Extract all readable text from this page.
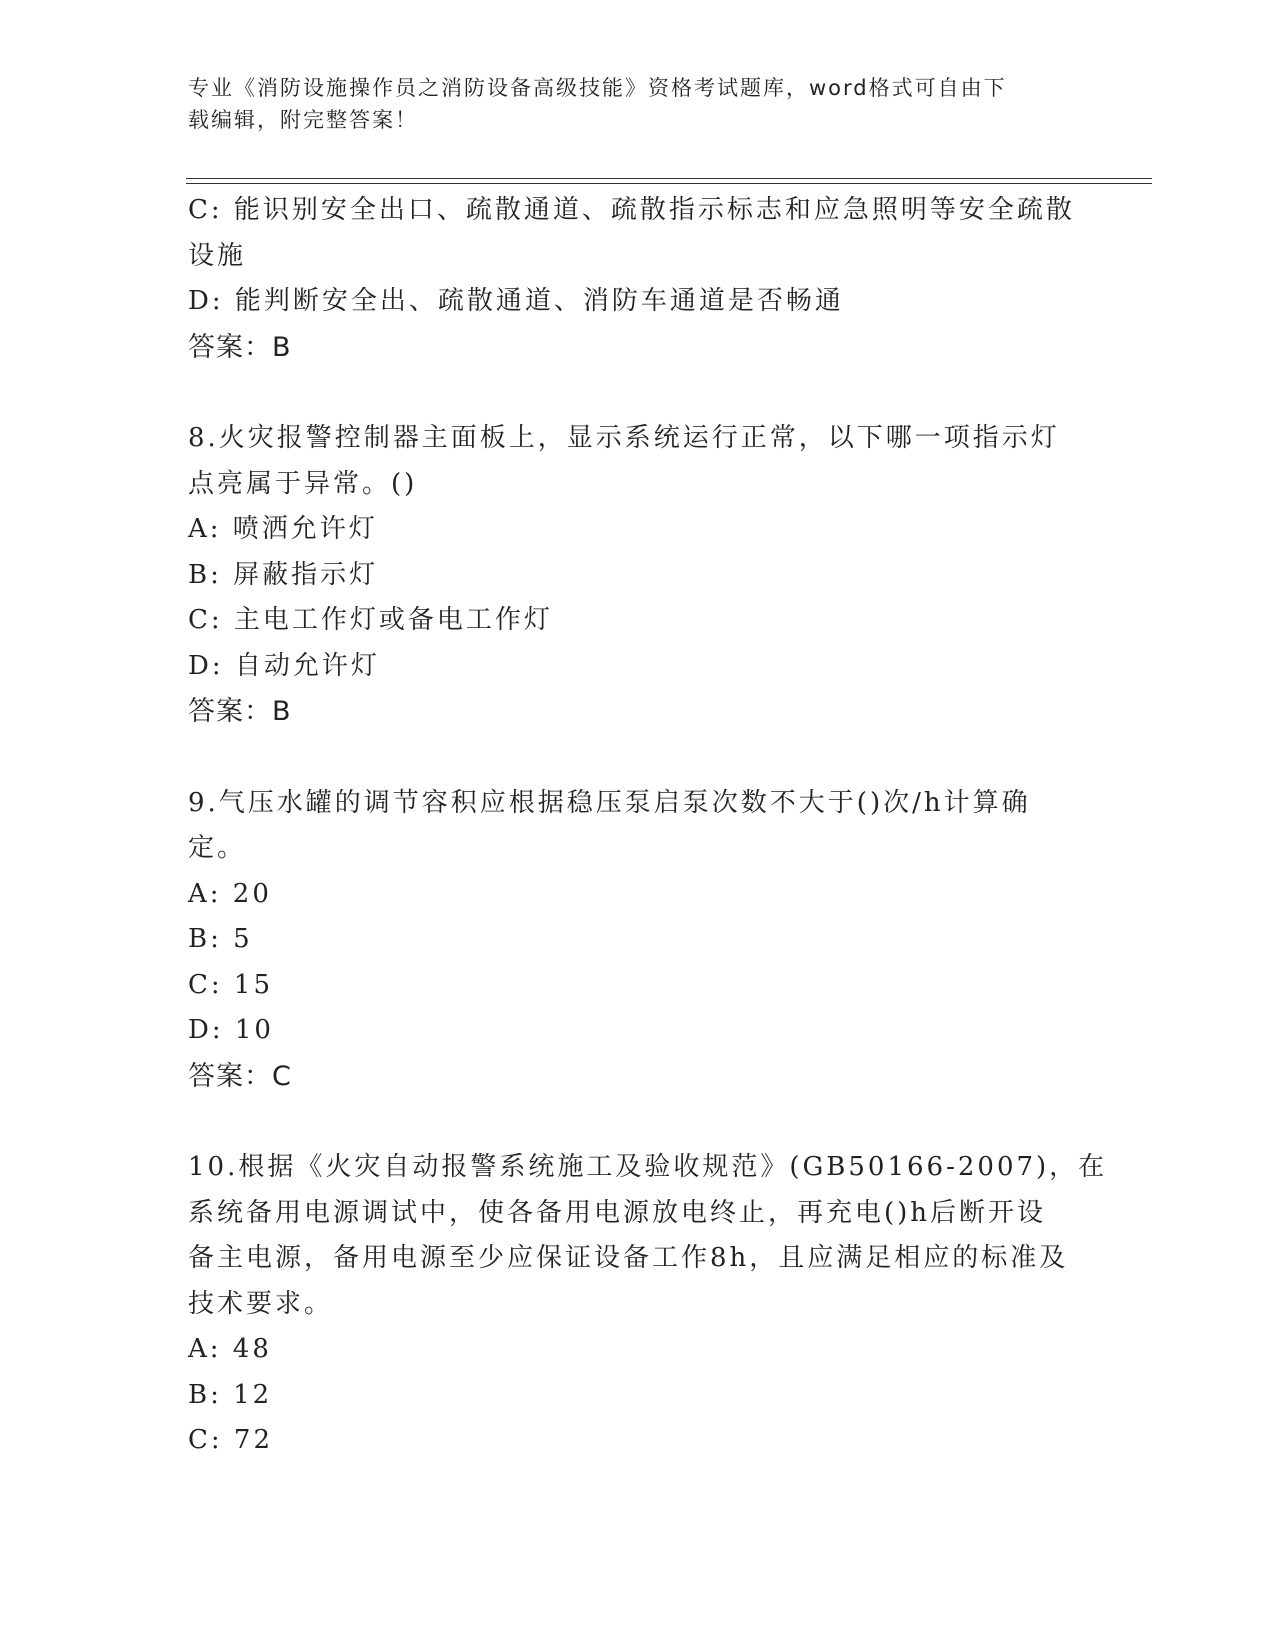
专业《消防设施操作员之消防设备高级技能》资格考试题库，word格式可自由下
载编辑，附完整答案！
C: 能识别安全出口、疏散通道、疏散指示标志和应急照明等安全疏散
设施
D: 能判断安全出、疏散通道、消防车通道是否畅通
答案：B
8.火灾报警控制器主面板上，显示系统运行正常，以下哪一项指示灯
点亮属于异常。()
A: 喷洒允许灯
B: 屏蔽指示灯
C: 主电工作灯或备电工作灯
D: 自动允许灯
答案：B
9.气压水罐的调节容积应根据稳压泵启泵次数不大于()次/h计算确
定。
A: 20
B: 5
C: 15
D: 10
答案：C
10.根据《火灾自动报警系统施工及验收规范》(GB50166-2007)，在
系统备用电源调试中，使各备用电源放电终止，再充电()h后断开设
备主电源，备用电源至少应保证设备工作8h，且应满足相应的标准及
技术要求。
A: 48
B: 12
C: 72
